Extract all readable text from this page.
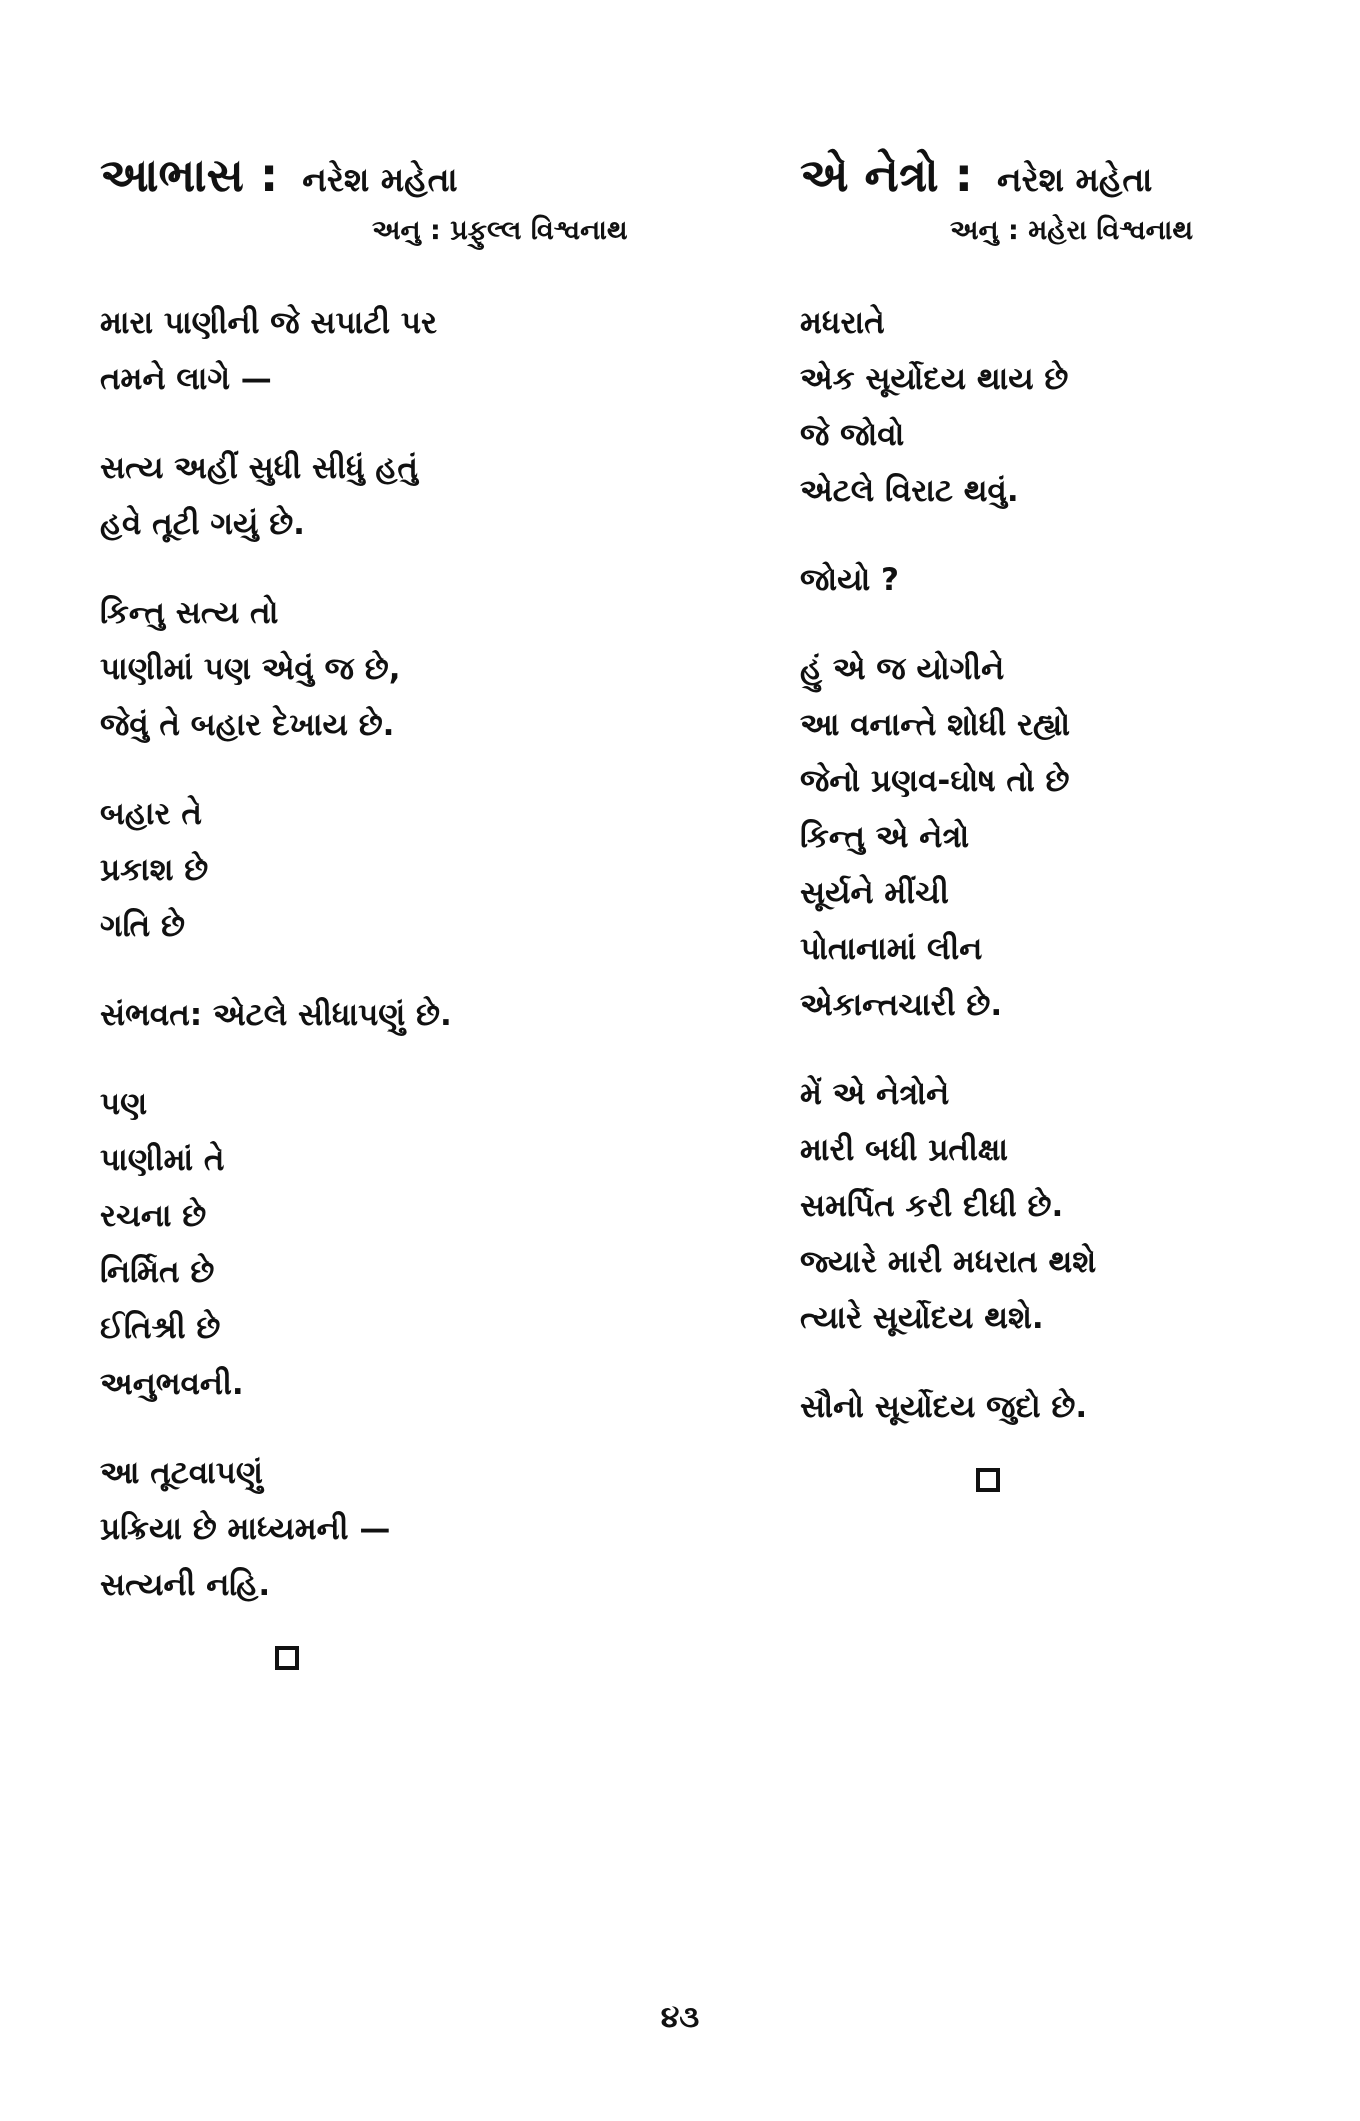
આભાસ : નરેશ મહેતા
અનુ : પ્રફુલ્લ વિશ્વનાથ
મારા પાણીની જે સપાટી પર
તમને લાગે —
સત્ય અહીં સુધી સીધું હતું
હવે તૂટી ગયું છે.
કિન્તુ સત્ય તો
પાણીમાં પણ એવું જ છે,
જેવું તે બહાર દેખાય છે.
બહાર તે
પ્રકાશ છે
ગતિ છે
સંભવત: એટલે સીધાપણું છે.
પણ
પાણીમાં તે
રચના છે
નિર્મિત છે
ઈતિશ્રી છે
અનુભવની.
આ તૂટવાપણું
પ્રક્રિયા છે માધ્યમની —
સત્યની નહિ.
એ નેત્રો : નરેશ મહેતા
અનુ : મહેરા વિશ્વનાથ
મધરાતે
એક સૂર્યોદય થાય છે
જે જોવો
એટલે વિરાટ થવું.
જોયો ?
હું એ જ યોગીને
આ વનાન્તે શોધી રહ્યો
જેનો પ્રણવ-ઘોષ તો છે
કિન્તુ એ નેત્રો
સૂર્યને મીંચી
પોતાનામાં લીન
એકાન્તચારી છે.
મેં એ નેત્રોને
મારી બધી પ્રતીક્ષા
સમર્પિત કરી દીધી છે.
જ્યારે મારી મધરાત થશે
ત્યારે સૂર્યોદય થશે.
સૌનો સૂર્યોદય જુદો છે.
૪૩
